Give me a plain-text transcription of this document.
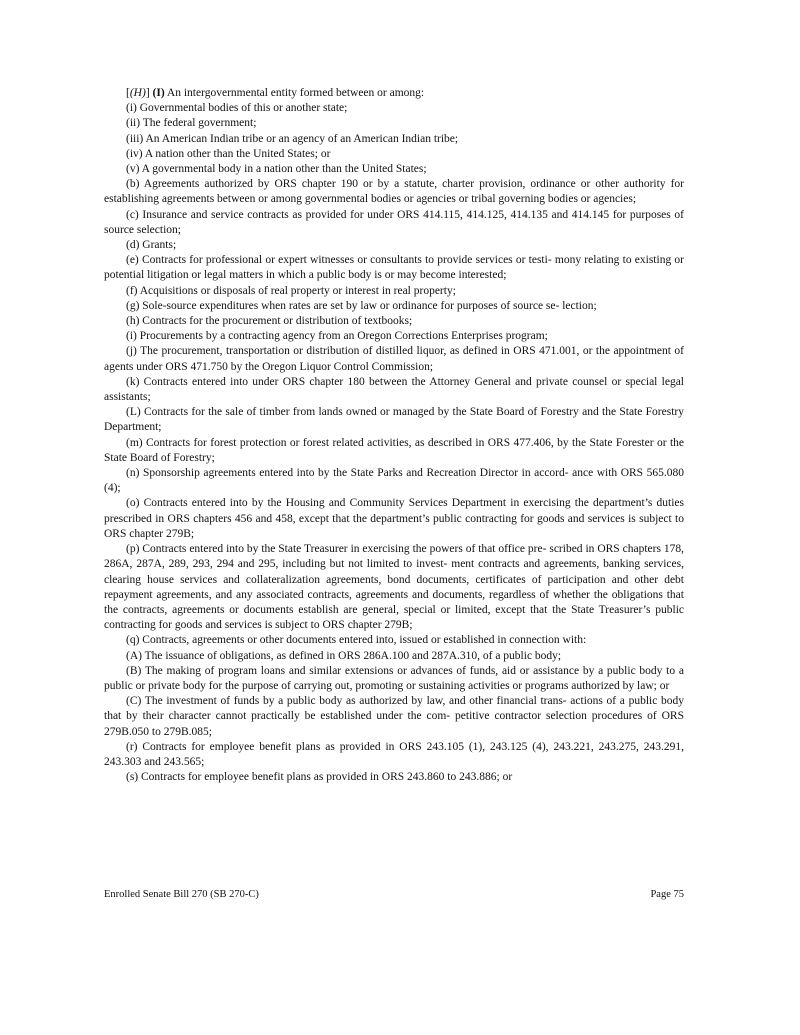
[(H)] (I) An intergovernmental entity formed between or among:

(i) Governmental bodies of this or another state;

(ii) The federal government;

(iii) An American Indian tribe or an agency of an American Indian tribe;

(iv) A nation other than the United States; or

(v) A governmental body in a nation other than the United States;

(b) Agreements authorized by ORS chapter 190 or by a statute, charter provision, ordinance or other authority for establishing agreements between or among governmental bodies or agencies or tribal governing bodies or agencies;

(c) Insurance and service contracts as provided for under ORS 414.115, 414.125, 414.135 and 414.145 for purposes of source selection;

(d) Grants;

(e) Contracts for professional or expert witnesses or consultants to provide services or testi- mony relating to existing or potential litigation or legal matters in which a public body is or may become interested;

(f) Acquisitions or disposals of real property or interest in real property;

(g) Sole-source expenditures when rates are set by law or ordinance for purposes of source se- lection;

(h) Contracts for the procurement or distribution of textbooks;

(i) Procurements by a contracting agency from an Oregon Corrections Enterprises program;

(j) The procurement, transportation or distribution of distilled liquor, as defined in ORS 471.001, or the appointment of agents under ORS 471.750 by the Oregon Liquor Control Commission;

(k) Contracts entered into under ORS chapter 180 between the Attorney General and private counsel or special legal assistants;

(L) Contracts for the sale of timber from lands owned or managed by the State Board of Forestry and the State Forestry Department;

(m) Contracts for forest protection or forest related activities, as described in ORS 477.406, by the State Forester or the State Board of Forestry;

(n) Sponsorship agreements entered into by the State Parks and Recreation Director in accord- ance with ORS 565.080 (4);

(o) Contracts entered into by the Housing and Community Services Department in exercising the department’s duties prescribed in ORS chapters 456 and 458, except that the department’s public contracting for goods and services is subject to ORS chapter 279B;

(p) Contracts entered into by the State Treasurer in exercising the powers of that office pre- scribed in ORS chapters 178, 286A, 287A, 289, 293, 294 and 295, including but not limited to invest- ment contracts and agreements, banking services, clearing house services and collateralization agreements, bond documents, certificates of participation and other debt repayment agreements, and any associated contracts, agreements and documents, regardless of whether the obligations that the contracts, agreements or documents establish are general, special or limited, except that the State Treasurer’s public contracting for goods and services is subject to ORS chapter 279B;

(q) Contracts, agreements or other documents entered into, issued or established in connection with:

(A) The issuance of obligations, as defined in ORS 286A.100 and 287A.310, of a public body;

(B) The making of program loans and similar extensions or advances of funds, aid or assistance by a public body to a public or private body for the purpose of carrying out, promoting or sustaining activities or programs authorized by law; or

(C) The investment of funds by a public body as authorized by law, and other financial trans- actions of a public body that by their character cannot practically be established under the com- petitive contractor selection procedures of ORS 279B.050 to 279B.085;

(r) Contracts for employee benefit plans as provided in ORS 243.105 (1), 243.125 (4), 243.221, 243.275, 243.291, 243.303 and 243.565;

(s) Contracts for employee benefit plans as provided in ORS 243.860 to 243.886; or

Enrolled Senate Bill 270 (SB 270-C)	Page 75
